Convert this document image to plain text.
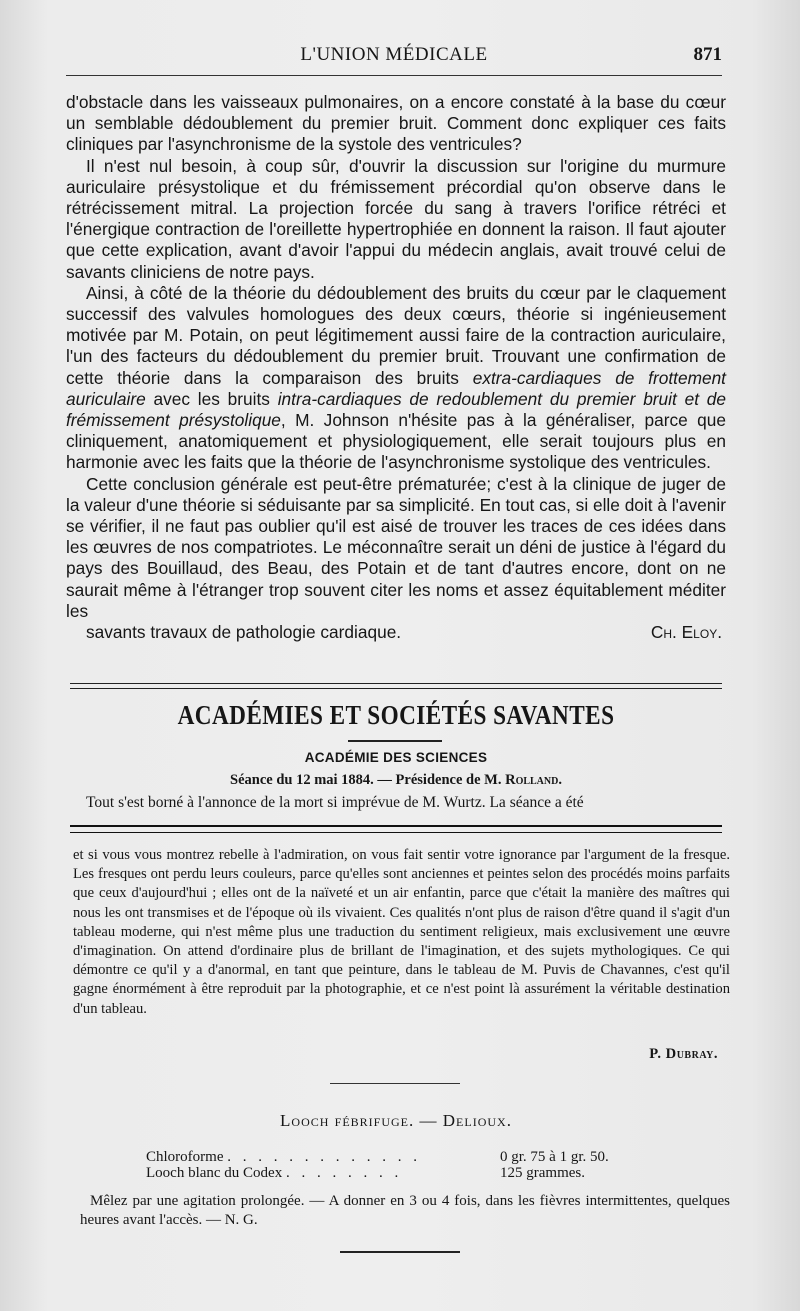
L'UNION MÉDICALE	871

d'obstacle dans les vaisseaux pulmonaires, on a encore constaté à la base du cœur un semblable dédoublement du premier bruit. Comment donc expliquer ces faits cliniques par l'asynchronisme de la systole des ventricules?

Il n'est nul besoin, à coup sûr, d'ouvrir la discussion sur l'origine du murmure auriculaire présystolique et du frémissement précordial qu'on observe dans le rétrécissement mitral. La projection forcée du sang à travers l'orifice rétréci et l'énergique contraction de l'oreillette hypertrophiée en donnent la raison. Il faut ajouter que cette explication, avant d'avoir l'appui du médecin anglais, avait trouvé celui de savants cliniciens de notre pays.

Ainsi, à côté de la théorie du dédoublement des bruits du cœur par le claquement successif des valvules homologues des deux cœurs, théorie si ingénieusement motivée par M. Potain, on peut légitimement aussi faire de la contraction auriculaire, l'un des facteurs du dédoublement du premier bruit. Trouvant une confirmation de cette théorie dans la comparaison des bruits extra-cardiaques de frottement auriculaire avec les bruits intra-cardiaques de redoublement du premier bruit et de frémissement présystolique, M. Johnson n'hésite pas à la généraliser, parce que cliniquement, anatomiquement et physiologiquement, elle serait toujours plus en harmonie avec les faits que la théorie de l'asynchronisme systolique des ventricules.

Cette conclusion générale est peut-être prématurée; c'est à la clinique de juger de la valeur d'une théorie si séduisante par sa simplicité. En tout cas, si elle doit à l'avenir se vérifier, il ne faut pas oublier qu'il est aisé de trouver les traces de ces idées dans les œuvres de nos compatriotes. Le méconnaître serait un déni de justice à l'égard du pays des Bouillaud, des Beau, des Potain et de tant d'autres encore, dont on ne saurait même à l'étranger trop souvent citer les noms et assez équitablement méditer les

savants travaux de pathologie cardiaque.	Ch. Eloy.

ACADÉMIES ET SOCIÉTÉS SAVANTES
ACADÉMIE DES SCIENCES
Séance du 12 mai 1884. — Présidence de M. Rolland.
Tout s'est borné à l'annonce de la mort si imprévue de M. Wurtz. La séance a été

et si vous vous montrez rebelle à l'admiration, on vous fait sentir votre ignorance par l'argument de la fresque. Les fresques ont perdu leurs couleurs, parce qu'elles sont anciennes et peintes selon des procédés moins parfaits que ceux d'aujourd'hui ; elles ont de la naïveté et un air enfantin, parce que c'était la manière des maîtres qui nous les ont transmises et de l'époque où ils vivaient. Ces qualités n'ont plus de raison d'être quand il s'agit d'un tableau moderne, qui n'est même plus une traduction du sentiment religieux, mais exclusivement une œuvre d'imagination. On attend d'ordinaire plus de brillant de l'imagination, et des sujets mythologiques. Ce qui démontre ce qu'il y a d'anormal, en tant que peinture, dans le tableau de M. Puvis de Chavannes, c'est qu'il gagne énormément à être reproduit par la photographie, et ce n'est point là assurément la véritable destination d'un tableau.

P. Dubray.
Looch fébrifuge. — Delioux.
Chloroforme . . . . . . . . . . . . .	0 gr. 75 à 1 gr. 50.
Looch blanc du Codex . . . . . . . .	125 grammes.

Mêlez par une agitation prolongée. — A donner en 3 ou 4 fois, dans les fièvres intermittentes, quelques heures avant l'accès. — N. G.
